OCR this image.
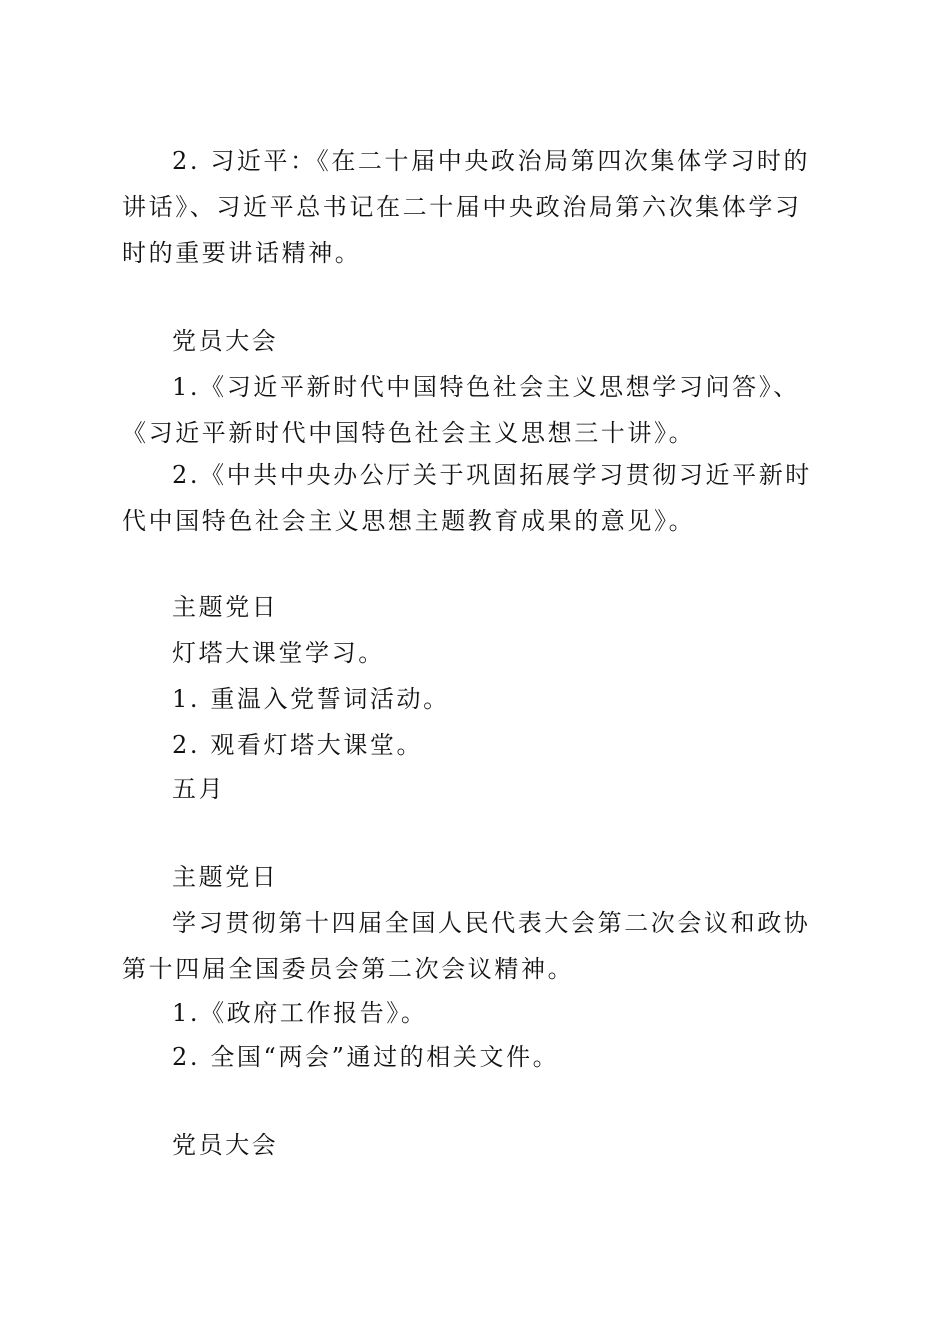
2. 习近平：《在二十届中央政治局第四次集体学习时的讲话》、习近平总书记在二十届中央政治局第六次集体学习时的重要讲话精神。

党员大会

1.《习近平新时代中国特色社会主义思想学习问答》、《习近平新时代中国特色社会主义思想三十讲》。

2.《中共中央办公厅关于巩固拓展学习贯彻习近平新时代中国特色社会主义思想主题教育成果的意见》。

主题党日

灯塔大课堂学习。

1. 重温入党誓词活动。

2. 观看灯塔大课堂。

五月

主题党日

学习贯彻第十四届全国人民代表大会第二次会议和政协第十四届全国委员会第二次会议精神。

1.《政府工作报告》。

2. 全国“两会”通过的相关文件。

党员大会
